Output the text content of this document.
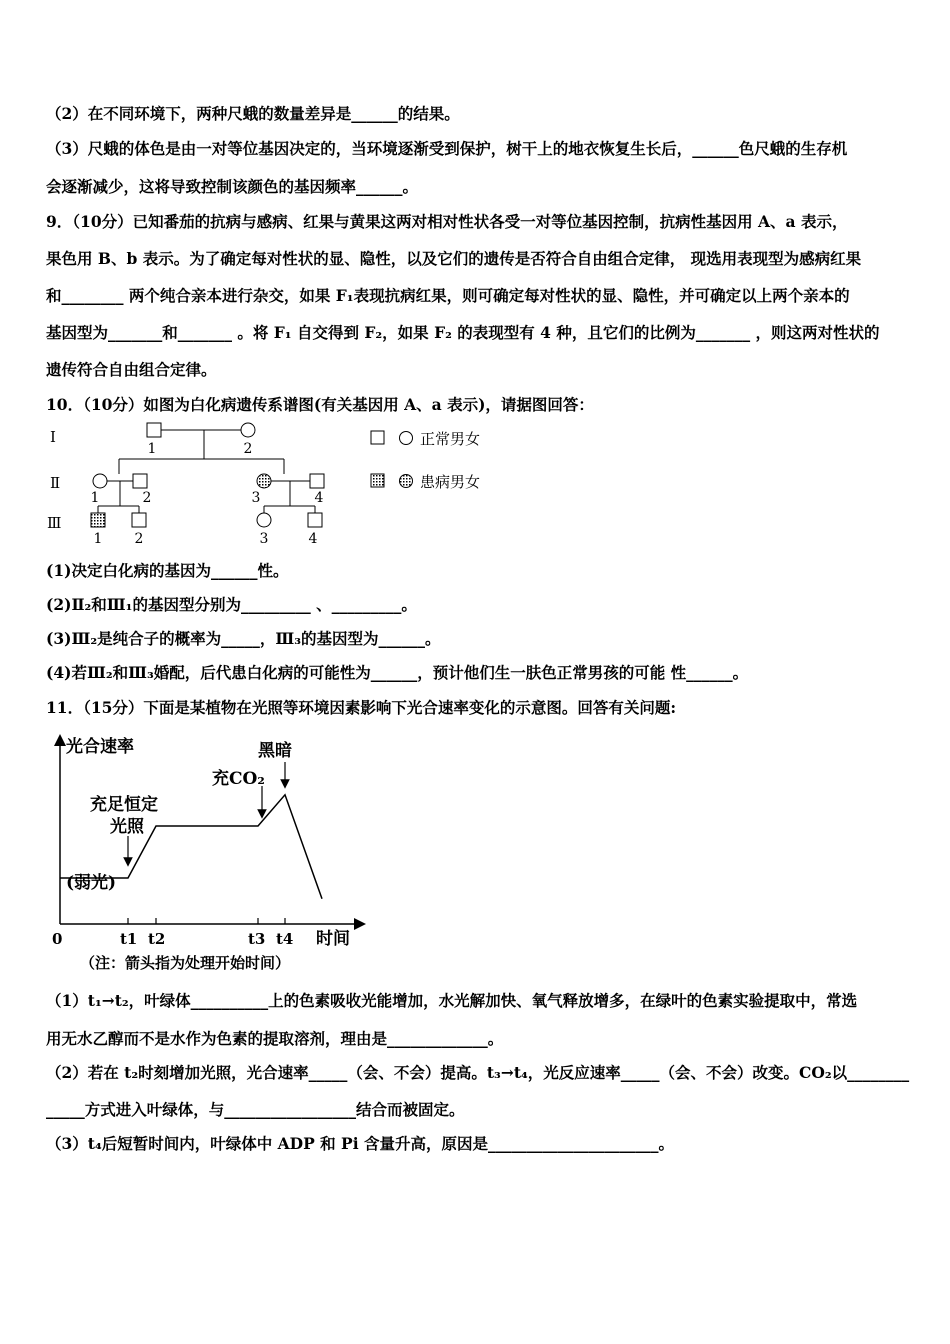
（2）在不同环境下，两种尺蛾的数量差异是______的结果。
（3）尺蛾的体色是由一对等位基因决定的，当环境逐渐受到保护，树干上的地衣恢复生长后，______色尺蛾的生存机
会逐渐减少，这将导致控制该颜色的基因频率______。
9．（10分）已知番茄的抗病与感病、红果与黄果这两对相对性状各受一对等位基因控制，抗病性基因用 A、a 表示，
果色用 B、b 表示。为了确定每对性状的显、隐性，以及它们的遗传是否符合自由组合定律， 现选用表现型为感病红果
和________ 两个纯合亲本进行杂交，如果 F₁表现抗病红果，则可确定每对性状的显、隐性，并可确定以上两个亲本的
基因型为_______和_______ 。将 F₁ 自交得到 F₂，如果 F₂ 的表现型有 4 种，且它们的比例为_______ ，则这两对性状的
遗传符合自由组合定律。
10．（10分）如图为白化病遗传系谱图(有关基因用 A、a 表示)，请据图回答：
Ⅰ
Ⅱ
Ⅲ
1	2
1	2	3	4
1 2	3	4
正常男女
患病男女
(1)决定白化病的基因为______性。
(2)Ⅱ₂和Ⅲ₁的基因型分别为_________ 、_________。
(3)Ⅲ₂是纯合子的概率为_____，Ⅲ₃的基因型为______。
(4)若Ⅲ₂和Ⅲ₃婚配，后代患白化病的可能性为______，预计他们生一肤色正常男孩的可能 性______。
11．（15分）下面是某植物在光照等环境因素影响下光合速率变化的示意图。回答有关问题:
光合速率
充足恒定
光照
充CO₂
黑暗
(弱光)
时间
0	t1 t2	t3 t4
（注：箭头指为处理开始时间）
（1）t₁→t₂，叶绿体__________上的色素吸收光能增加，水光解加快、氧气释放增多，在绿叶的色素实验提取中，常选
用无水乙醇而不是水作为色素的提取溶剂，理由是_____________。
（2）若在 t₂时刻增加光照，光合速率_____（会、不会）提高。t₃→t₄，光反应速率_____（会、不会）改变。CO₂以________
_____方式进入叶绿体，与_________________结合而被固定。
（3）t₄后短暂时间内，叶绿体中 ADP 和 Pi 含量升高，原因是______________________。
